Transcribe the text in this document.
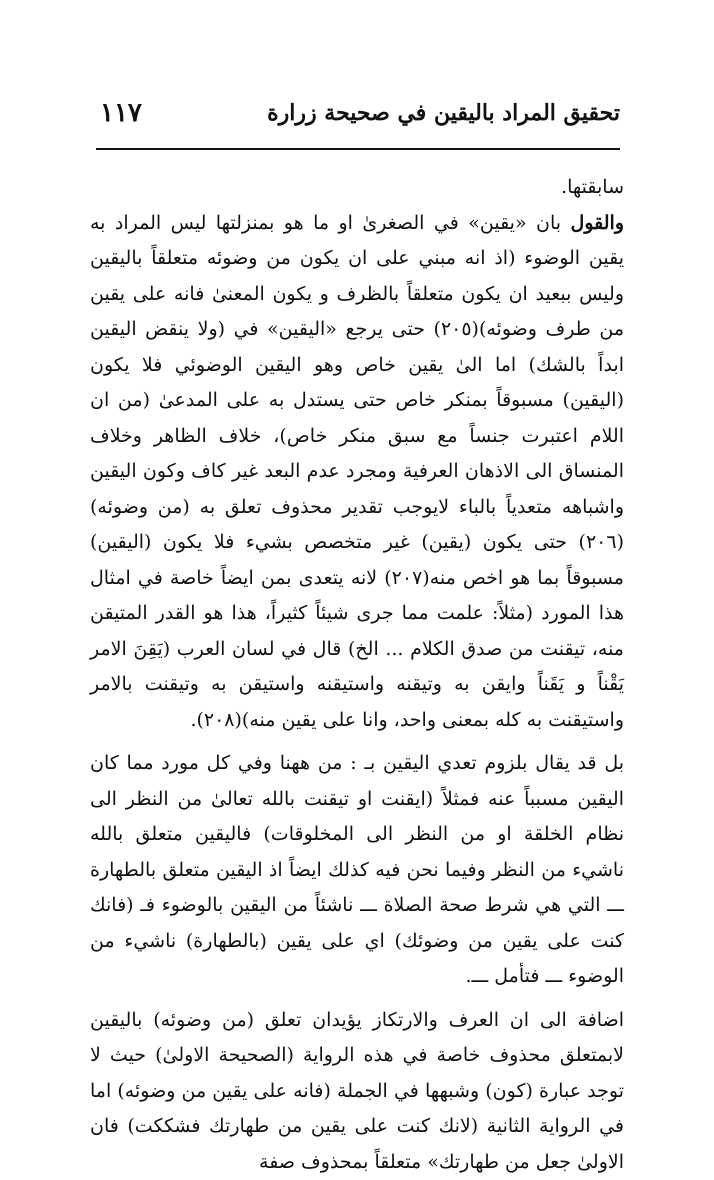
١١٧	تحقيق المراد باليقين في صحيحة زرارة

سابقتها.

والقول بان «يقين» في الصغرىٰ او ما هو بمنزلتها ليس المراد به يقين الوضوء (اذ انه مبني على ان يكون من وضوئه متعلقاً باليقين وليس ببعيد ان يكون متعلقاً بالظرف و يكون المعنىٰ فانه على يقين من طرف وضوئه)(٢٠٥) حتى يرجع «اليقين» في (ولا ينقض اليقين ابداً بالشك) اما الىٰ يقين خاص وهو اليقين الوضوئي فلا يكون (اليقين) مسبوقاً بمنكر خاص حتى يستدل به على المدعىٰ (من ان اللام اعتبرت جنساً مع سبق منكر خاص)، خلاف الظاهر وخلاف المنساق الى الاذهان العرفية ومجرد عدم البعد غير كاف وكون اليقين واشباهه متعدياً بالباء لايوجب تقدير محذوف تعلق به (من وضوئه)(٢٠٦) حتى يكون (يقين) غير متخصص بشيء فلا يكون (اليقين) مسبوقاً بما هو اخص منه(٢٠٧) لانه يتعدى بمن ايضاً خاصة في امثال هذا المورد (مثلاً: علمت مما جرى شيئاً كثيراً، هذا هو القدر المتيقن منه، تيقنت من صدق الكلام ... الخ) قال في لسان العرب (يَقِنَ الامر يَقْناً و يَقَناً وايقن به وتيقنه واستيقنه واستيقن به وتيقنت بالامر واستيقنت به كله بمعنى واحد، وانا على يقين منه)(٢٠٨).

بل قد يقال بلزوم تعدي اليقين بـ : من ههنا وفي كل مورد مما كان اليقين مسبباً عنه فمثلاً (ايقنت او تيقنت بالله تعالىٰ من النظر الى نظام الخلقة او من النظر الى المخلوقات) فاليقين متعلق بالله ناشيء من النظر وفيما نحن فيه كذلك ايضاً اذ اليقين متعلق بالطهارة ـــ التي هي شرط صحة الصلاة ـــ ناشئاً من اليقين بالوضوء فـ (فانك كنت على يقين من وضوئك) اي على يقين (بالطهارة) ناشيء من الوضوء ـــ فتأمل ـــ.

اضافة الى ان العرف والارتكاز يؤيدان تعلق (من وضوئه) باليقين لابمتعلق محذوف خاصة في هذه الرواية (الصحيحة الاولىٰ) حيث لا توجد عبارة (كون) وشبهها في الجملة (فانه على يقين من وضوئه) اما في الرواية الثانية (لانك كنت على يقين من طهارتك فشككت) فان الاولىٰ جعل من طهارتك» متعلقاً بمحذوف صفة
